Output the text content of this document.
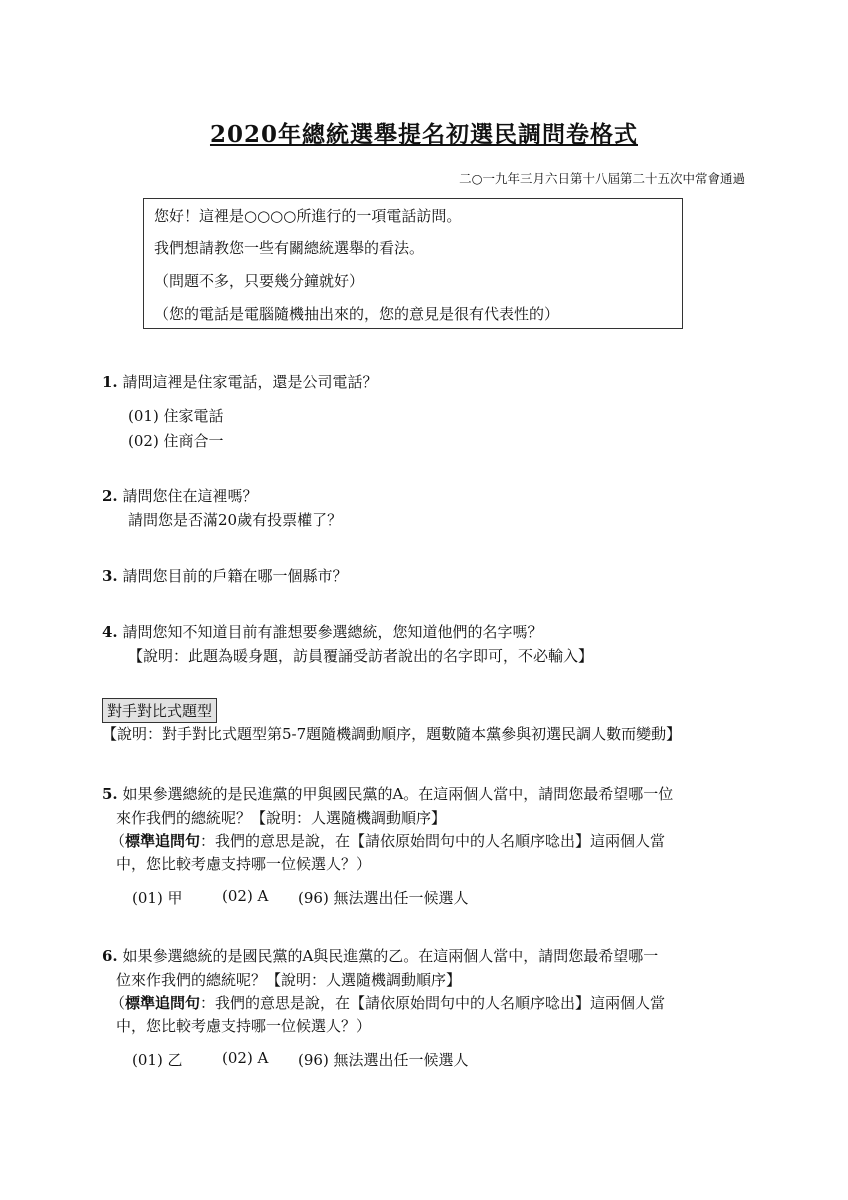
2020年總統選舉提名初選民調問卷格式
二○一九年三月六日第十八屆第二十五次中常會通過
您好！這裡是○○○○所進行的一項電話訪問。
我們想請教您一些有關總統選舉的看法。
（問題不多，只要幾分鐘就好）
（您的電話是電腦隨機抽出來的，您的意見是很有代表性的）
1. 請問這裡是住家電話，還是公司電話？
(01) 住家電話
(02) 住商合一
2. 請問您住在這裡嗎？
請問您是否滿20歲有投票權了？
3. 請問您目前的戶籍在哪一個縣市？
4. 請問您知不知道目前有誰想要參選總統，您知道他們的名字嗎？
【說明：此題為暖身題，訪員覆誦受訪者說出的名字即可，不必輸入】
對手對比式題型
【說明：對手對比式題型第5-7題隨機調動順序，題數隨本黨參與初選民調人數而變動】
5. 如果參選總統的是民進黨的甲與國民黨的A。在這兩個人當中，請問您最希望哪一位
來作我們的總統呢？【說明：人選隨機調動順序】
（標準追問句：我們的意思是說，在【請依原始問句中的人名順序唸出】這兩個人當
中，您比較考慮支持哪一位候選人？）
(01) 甲	(02) A (96) 無法選出任一候選人
6. 如果參選總統的是國民黨的A與民進黨的乙。在這兩個人當中，請問您最希望哪一
位來作我們的總統呢？【說明：人選隨機調動順序】
（標準追問句：我們的意思是說，在【請依原始問句中的人名順序唸出】這兩個人當
中，您比較考慮支持哪一位候選人？）
(01) 乙	(02) A (96) 無法選出任一候選人
